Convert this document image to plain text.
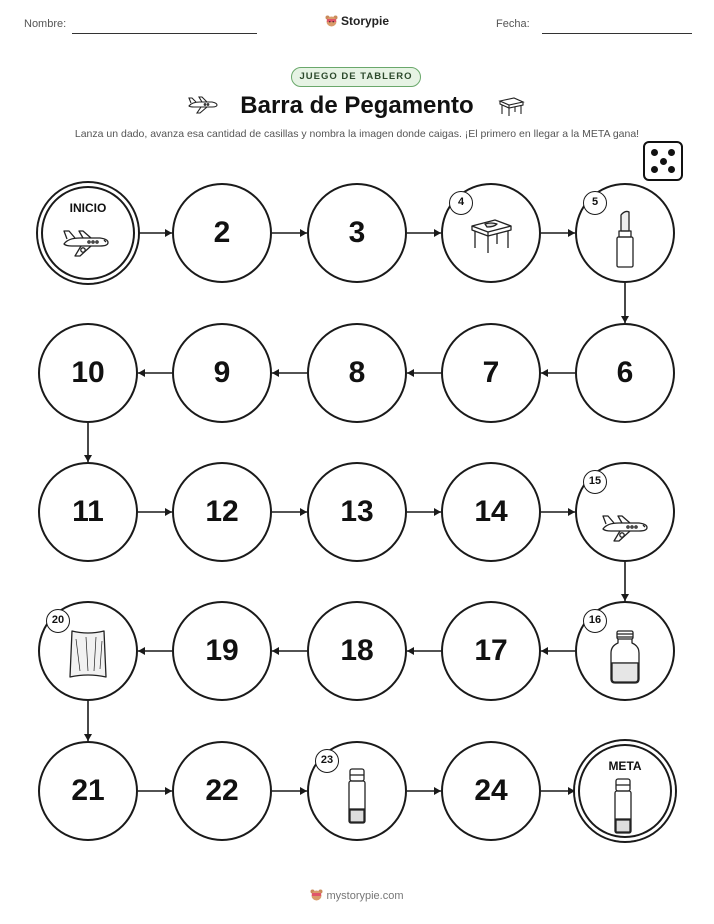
Nombre:	Storypie	Fecha:
JUEGO DE TABLERO
Barra de Pegamento
Lanza un dado, avanza esa cantidad de casillas y nombra la imagen donde caigas. ¡El primero en llegar a la META gana!
INICIO
2	3
4	5
6
7
8
9
10
11	12	13	14
15
16
17
18
19
20
21	22
23
24
META
mystorypie.com
